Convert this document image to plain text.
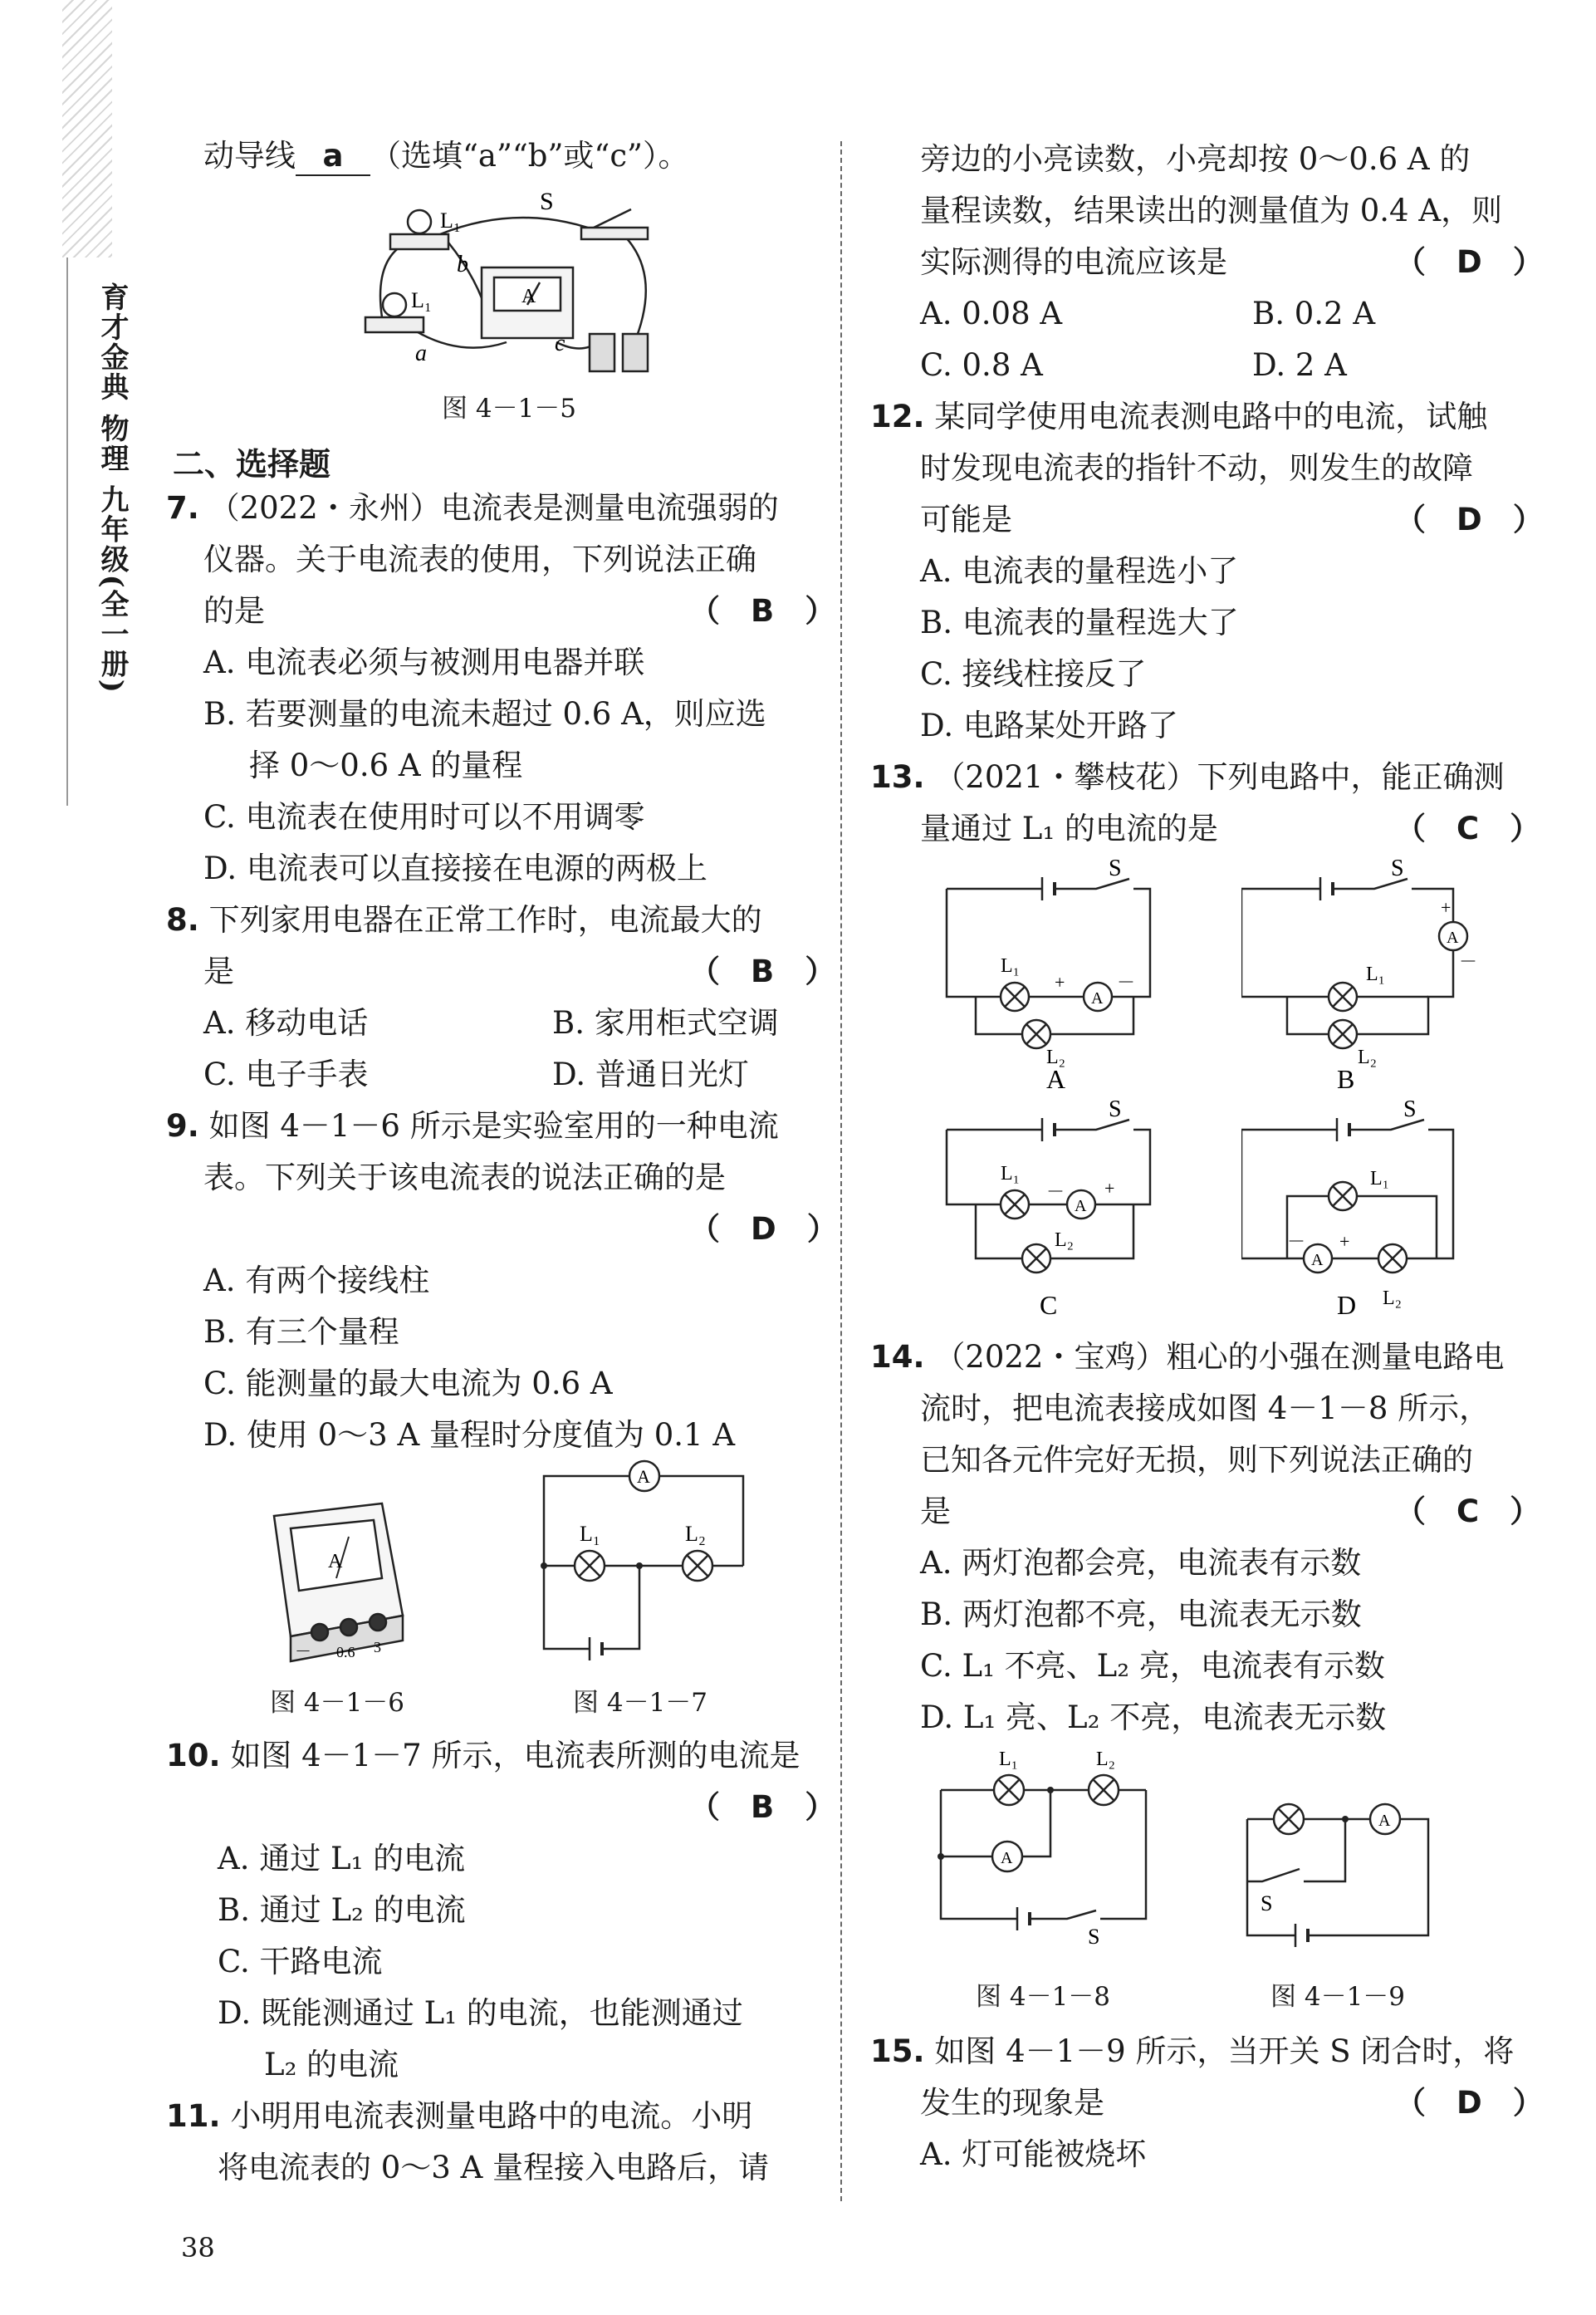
育才金典 物理 九年级(全一册)
动导线 a （选填“a”“b”或“c”）。
S
L₁
L₁
b
a	c
A
图 4－1－5
二、选择题
7. （2022・永州）电流表是测量电流强弱的
仪器。关于电流表的使用，下列说法正确
的是	（　B　）
A. 电流表必须与被测用电器并联
B. 若要测量的电流未超过 0.6 A，则应选
择 0～0.6 A 的量程
C. 电流表在使用时可以不用调零
D. 电流表可以直接接在电源的两极上
8. 下列家用电器在正常工作时，电流最大的
是	（　B　）
A. 移动电话	B. 家用柜式空调
C. 电子手表	D. 普通日光灯
9. 如图 4－1－6 所示是实验室用的一种电流
表。下列关于该电流表的说法正确的是
（　D　）
A. 有两个接线柱
B. 有三个量程
C. 能测量的最大电流为 0.6 A
D. 使用 0～3 A 量程时分度值为 0.1 A
A
－ 0.6 3
图 4－1－6
A
L₁	L₂
图 4－1－7
10. 如图 4－1－7 所示，电流表所测的电流是
（　B　）
A. 通过 L₁ 的电流
B. 通过 L₂ 的电流
C. 干路电流
D. 既能测通过 L₁ 的电流，也能测通过
L₂ 的电流
11. 小明用电流表测量电路中的电流。小明
将电流表的 0～3 A 量程接入电路后，请
38
旁边的小亮读数，小亮却按 0～0.6 A 的
量程读数，结果读出的测量值为 0.4 A，则
实际测得的电流应该是	（　D　）
A. 0.08 A	B. 0.2 A
C. 0.8 A	D. 2 A
12. 某同学使用电流表测电路中的电流，试触
时发现电流表的指针不动，则发生的故障
可能是	（　D　）
A. 电流表的量程选小了
B. 电流表的量程选大了
C. 接线柱接反了
D. 电路某处开路了
13. （2021・攀枝花）下列电路中，能正确测
量通过 L₁ 的电流的是	（　C　）
S
L₁
L₂
A
+	－
A
S
L₁
L₂
A
+
－
B
S
L₁
L₂
A
－ +
C
S
L₁
L₂
A
－ +
D
14. （2022・宝鸡）粗心的小强在测量电路电
流时，把电流表接成如图 4－1－8 所示，
已知各元件完好无损，则下列说法正确的
是	（　C　）
A. 两灯泡都会亮，电流表有示数
B. 两灯泡都不亮，电流表无示数
C. L₁ 不亮、L₂ 亮，电流表有示数
D. L₁ 亮、L₂ 不亮，电流表无示数
L₁	L₂
A
S
图 4－1－8
A
S
图 4－1－9
15. 如图 4－1－9 所示，当开关 S 闭合时，将
发生的现象是	（　D　）
A. 灯可能被烧坏
